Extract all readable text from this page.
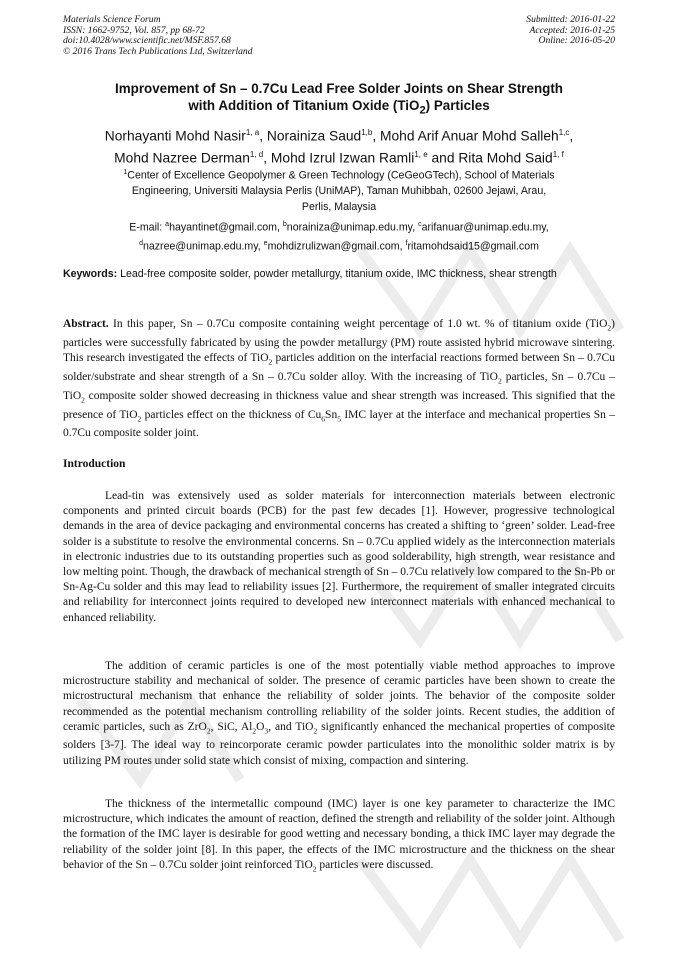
Materials Science Forum
ISSN: 1662-9752, Vol. 857, pp 68-72
doi:10.4028/www.scientific.net/MSF.857.68
© 2016 Trans Tech Publications Ltd, Switzerland
Submitted: 2016-01-22
Accepted: 2016-01-25
Online: 2016-05-20
Improvement of Sn – 0.7Cu Lead Free Solder Joints on Shear Strength
with Addition of Titanium Oxide (TiO$_2$) Particles
Norhayanti Mohd Nasir$^{1, a}$, Norainiza Saud$^{1,b}$, Mohd Arif Anuar Mohd Salleh$^{1,c}$,
Mohd Nazree Derman$^{1, d}$, Mohd Izrul Izwan Ramli$^{1, e}$ and Rita Mohd Said$^{1, f}$
$^1$Center of Excellence Geopolymer & Green Technology (CeGeoGTech), School of Materials
Engineering, Universiti Malaysia Perlis (UniMAP), Taman Muhibbah, 02600 Jejawi, Arau,
Perlis, Malaysia
E-mail: $^a$hayantinet@gmail.com, $^b$norainiza@unimap.edu.my, $^c$arifanuar@unimap.edu.my,
$^d$nazree@unimap.edu.my, $^e$mohdizrulizwan@gmail.com, $^f$ritamohdsaid15@gmail.com
Keywords: Lead-free composite solder, powder metallurgy, titanium oxide, IMC thickness, shear strength
Abstract. In this paper, Sn – 0.7Cu composite containing weight percentage of 1.0 wt. % of titanium oxide (TiO$_2$) particles were successfully fabricated by using the powder metallurgy (PM) route assisted hybrid microwave sintering. This research investigated the effects of TiO$_2$ particles addition on the interfacial reactions formed between Sn – 0.7Cu solder/substrate and shear strength of a Sn – 0.7Cu solder alloy. With the increasing of TiO$_2$ particles, Sn – 0.7Cu – TiO$_2$ composite solder showed decreasing in thickness value and shear strength was increased. This signified that the presence of TiO$_2$ particles effect on the thickness of $Cu_6Sn_5$ IMC layer at the interface and mechanical properties Sn – 0.7Cu composite solder joint.
Introduction
Lead-tin was extensively used as solder materials for interconnection materials between electronic components and printed circuit boards (PCB) for the past few decades [1]. However, progressive technological demands in the area of device packaging and environmental concerns has created a shifting to ‘green’ solder. Lead-free solder is a substitute to resolve the environmental concerns. Sn – 0.7Cu applied widely as the interconnection materials in electronic industries due to its outstanding properties such as good solderability, high strength, wear resistance and low melting point. Though, the drawback of mechanical strength of Sn – 0.7Cu relatively low compared to the Sn-Pb or Sn-Ag-Cu solder and this may lead to reliability issues [2]. Furthermore, the requirement of smaller integrated circuits and reliability for interconnect joints required to developed new interconnect materials with enhanced mechanical to enhanced reliability.
The addition of ceramic particles is one of the most potentially viable method approaches to improve microstructure stability and mechanical of solder. The presence of ceramic particles have been shown to create the microstructural mechanism that enhance the reliability of solder joints. The behavior of the composite solder recommended as the potential mechanism controlling reliability of the solder joints. Recent studies, the addition of ceramic particles, such as ZrO$_2$, SiC, $Al_2O_3$, and TiO$_2$ significantly enhanced the mechanical properties of composite solders [3-7]. The ideal way to reincorporate ceramic powder particulates into the monolithic solder matrix is by utilizing PM routes under solid state which consist of mixing, compaction and sintering.
The thickness of the intermetallic compound (IMC) layer is one key parameter to characterize the IMC microstructure, which indicates the amount of reaction, defined the strength and reliability of the solder joint. Although the formation of the IMC layer is desirable for good wetting and necessary bonding, a thick IMC layer may degrade the reliability of the solder joint [8]. In this paper, the effects of the IMC microstructure and the thickness on the shear behavior of the Sn – 0.7Cu solder joint reinforced TiO$_2$ particles were discussed.
